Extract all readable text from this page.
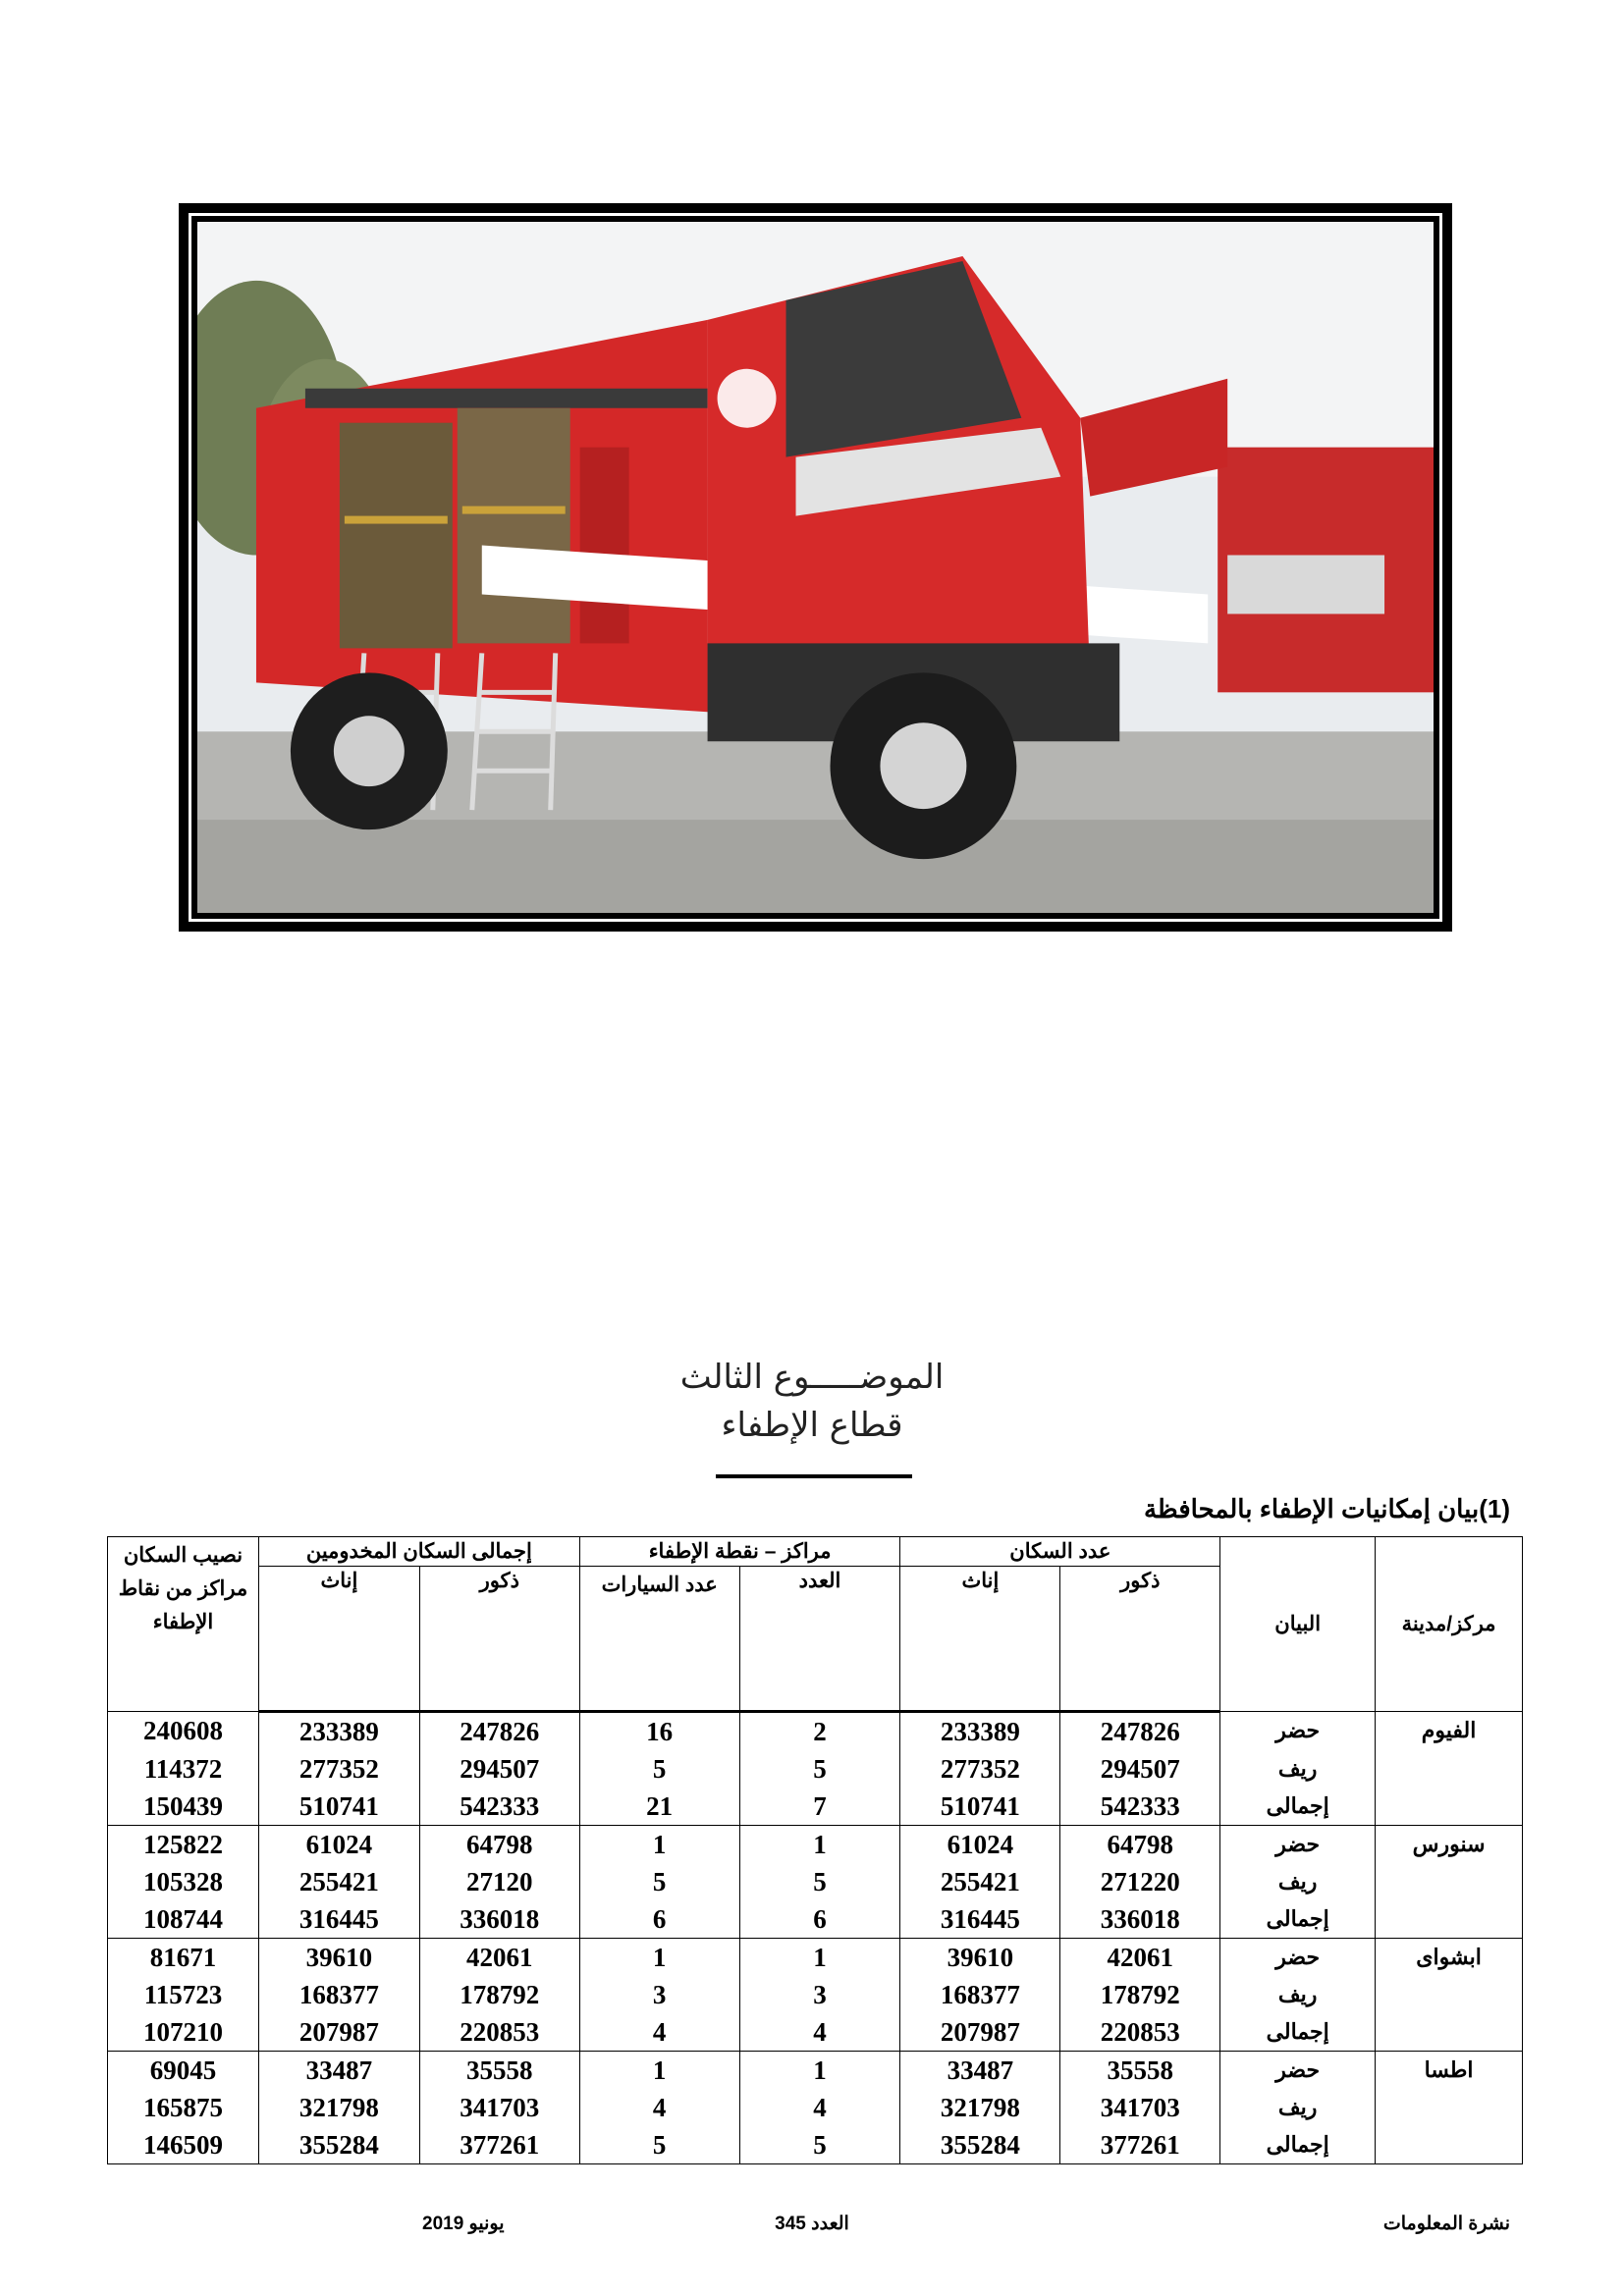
الموضـــــوع الثالث
قطاع الإطفاء
(1)بيان إمكانيات الإطفاء بالمحافظة
مركز/مدينة	البيان	عدد السكان		مراكز – نقطة الإطفاء		إجمالى السكان المخدومين		نصيب السكان مراكز من نقاط الإطفاء
		ذكور	إناث	العدد	عدد السيارات	ذكور	إناث	
الفيوم	حضر	247826	233389	2	16	247826	233389	240608
	ريف	294507	277352	5	5	294507	277352	114372
	إجمالى	542333	510741	7	21	542333	510741	150439
سنورس	حضر	64798	61024	1	1	64798	61024	125822
	ريف	271220	255421	5	5	27120	255421	105328
	إجمالى	336018	316445	6	6	336018	316445	108744
ابشواى	حضر	42061	39610	1	1	42061	39610	81671
	ريف	178792	168377	3	3	178792	168377	115723
	إجمالى	220853	207987	4	4	220853	207987	107210
اطسا	حضر	35558	33487	1	1	35558	33487	69045
	ريف	341703	321798	4	4	341703	321798	165875
	إجمالى	377261	355284	5	5	377261	355284	146509
نشرة المعلومات
العدد 345
يونيو 2019
